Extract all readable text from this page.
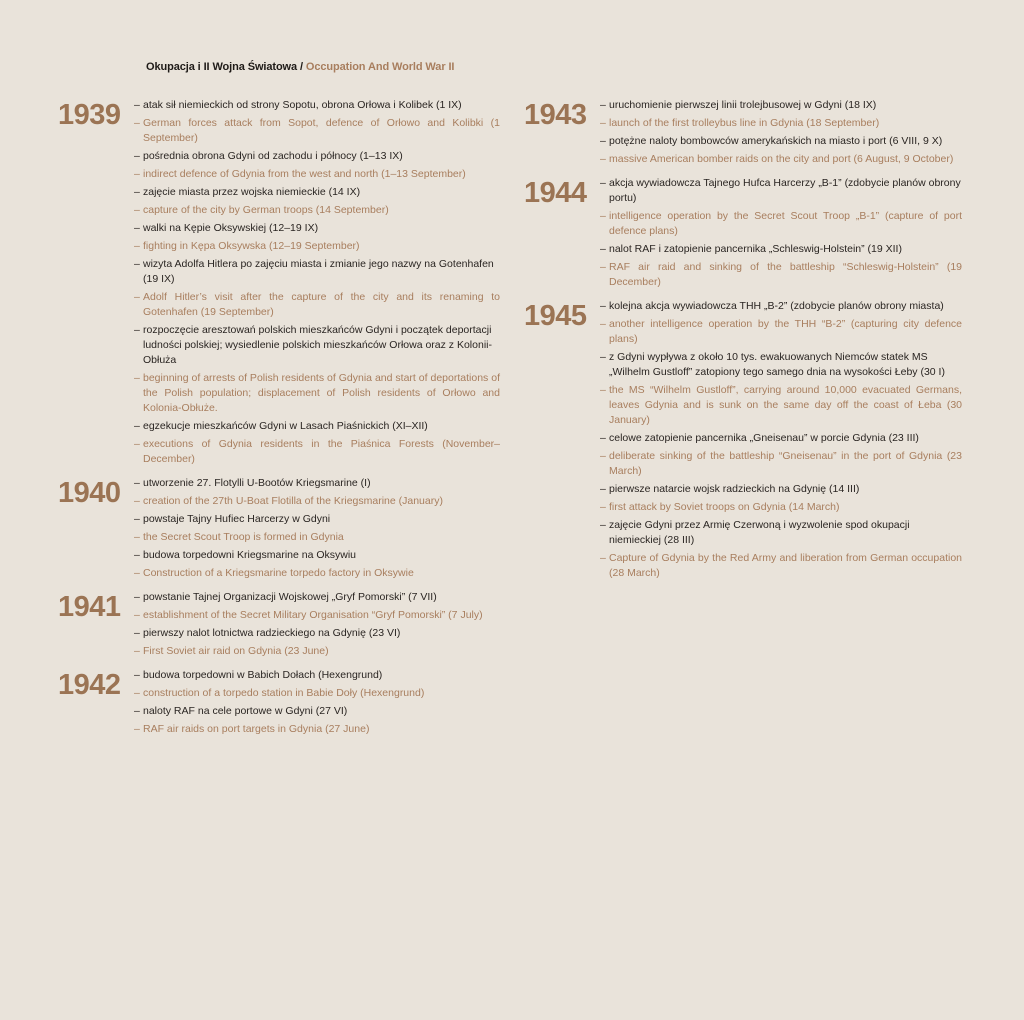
Okupacja i II Wojna Światowa / Occupation And World War II
1939 – atak sił niemieckich od strony Sopotu, obrona Orłowa i Kolibek (1 IX)
– German forces attack from Sopot, defence of Orłowo and Kolibki (1 September)
– pośrednia obrona Gdyni od zachodu i północy (1–13 IX)
– indirect defence of Gdynia from the west and north (1–13 September)
– zajęcie miasta przez wojska niemieckie (14 IX)
– capture of the city by German troops (14 September)
– walki na Kępie Oksywskiej (12–19 IX)
– fighting in Kępa Oksywska (12–19 September)
– wizyta Adolfa Hitlera po zajęciu miasta i zmianie jego nazwy na Gotenhafen (19 IX)
– Adolf Hitler’s visit after the capture of the city and its renaming to Gotenhafen (19 September)
– rozpoczęcie aresztowań polskich mieszkańców Gdyni i początek deportacji ludności polskiej; wysiedlenie polskich mieszkańców Orłowa oraz z Kolonii-Obłuża
– beginning of arrests of Polish residents of Gdynia and start of deportations of the Polish population; displacement of Polish residents of Orłowo and Kolonia-Obłuże.
– egzekucje mieszkańców Gdyni w Lasach Piaśnickich (XI–XII)
– executions of Gdynia residents in the Piaśnica Forests (November–December)
1940 – utworzenie 27. Flotylli U-Bootów Kriegsmarine (I)
– creation of the 27th U-Boat Flotilla of the Kriegsmarine (January)
– powstaje Tajny Hufiec Harcerzy w Gdyni
– the Secret Scout Troop is formed in Gdynia
– budowa torpedowni Kriegsmarine na Oksywiu
– Construction of a Kriegsmarine torpedo factory in Oksywie
1941 – powstanie Tajnej Organizacji Wojskowej „Gryf Pomorski” (7 VII)
– establishment of the Secret Military Organisation “Gryf Pomorski” (7 July)
– pierwszy nalot lotnictwa radzieckiego na Gdynię (23 VI)
– First Soviet air raid on Gdynia (23 June)
1942 – budowa torpedowni w Babich Dołach (Hexengrund)
– construction of a torpedo station in Babie Doły (Hexengrund)
– naloty RAF na cele portowe w Gdyni (27 VI)
– RAF air raids on port targets in Gdynia (27 June)
1943 – uruchomienie pierwszej linii trolejbusowej w Gdyni (18 IX)
– launch of the first trolleybus line in Gdynia (18 September)
– potężne naloty bombowców amerykańskich na miasto i port (6 VIII, 9 X)
– massive American bomber raids on the city and port (6 August, 9 October)
1944 – akcja wywiadowcza Tajnego Hufca Harcerzy „B-1” (zdobycie planów obrony portu)
– intelligence operation by the Secret Scout Troop „B-1” (capture of port defence plans)
– nalot RAF i zatopienie pancernika „Schleswig-Holstein” (19 XII)
– RAF air raid and sinking of the battleship “Schleswig-Holstein” (19 December)
1945 – kolejna akcja wywiadowcza THH „B-2” (zdobycie planów obrony miasta)
– another intelligence operation by the THH “B-2” (capturing city defence plans)
– z Gdyni wypływa z około 10 tys. ewakuowanych Niemców statek MS „Wilhelm Gustloff” zatopiony tego samego dnia na wysokości Łeby (30 I)
– the MS “Wilhelm Gustloff”, carrying around 10,000 evacuated Germans, leaves Gdynia and is sunk on the same day off the coast of Łeba (30 January)
– celowe zatopienie pancernika „Gneisenau” w porcie Gdynia (23 III)
– deliberate sinking of the battleship “Gneisenau” in the port of Gdynia (23 March)
– pierwsze natarcie wojsk radzieckich na Gdynię (14 III)
– first attack by Soviet troops on Gdynia (14 March)
– zajęcie Gdyni przez Armię Czerwoną i wyzwolenie spod okupacji niemieckiej (28 III)
– Capture of Gdynia by the Red Army and liberation from German occupation (28 March)
